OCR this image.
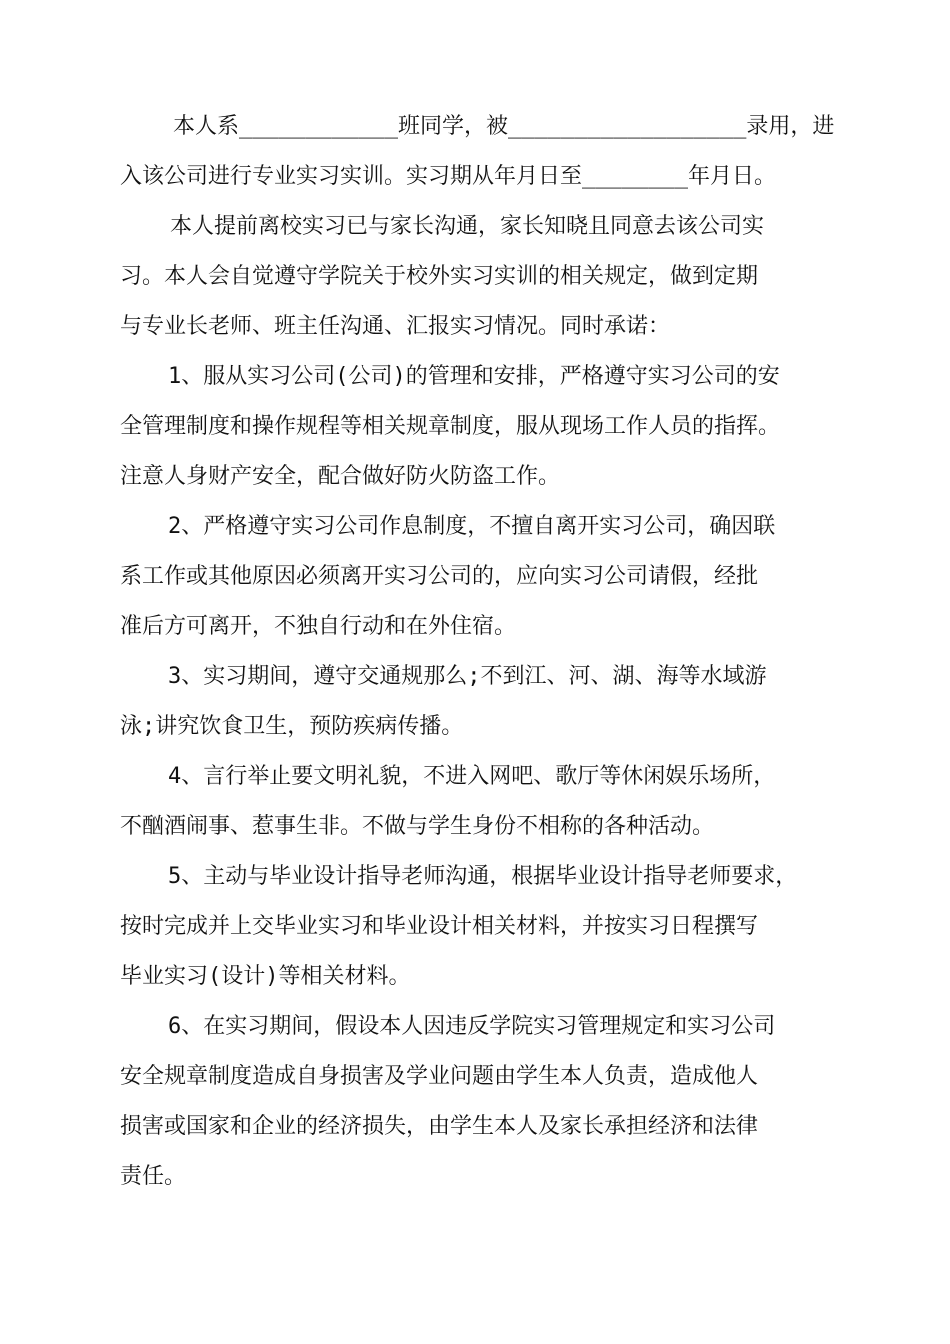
本人系____________班同学，被__________________录用，进
入该公司进行专业实习实训。实习期从年月日至________年月日。
本人提前离校实习已与家长沟通，家长知晓且同意去该公司实
习。本人会自觉遵守学院关于校外实习实训的相关规定，做到定期
与专业长老师、班主任沟通、汇报实习情况。同时承诺：
1、服从实习公司(公司)的管理和安排，严格遵守实习公司的安
全管理制度和操作规程等相关规章制度，服从现场工作人员的指挥。
注意人身财产安全，配合做好防火防盗工作。
2、严格遵守实习公司作息制度，不擅自离开实习公司，确因联
系工作或其他原因必须离开实习公司的，应向实习公司请假，经批
准后方可离开，不独自行动和在外住宿。
3、实习期间，遵守交通规那么;不到江、河、湖、海等水域游
泳;讲究饮食卫生，预防疾病传播。
4、言行举止要文明礼貌，不进入网吧、歌厅等休闲娱乐场所，
不酗酒闹事、惹事生非。不做与学生身份不相称的各种活动。
5、主动与毕业设计指导老师沟通，根据毕业设计指导老师要求，
按时完成并上交毕业实习和毕业设计相关材料，并按实习日程撰写
毕业实习(设计)等相关材料。
6、在实习期间，假设本人因违反学院实习管理规定和实习公司
安全规章制度造成自身损害及学业问题由学生本人负责，造成他人
损害或国家和企业的经济损失，由学生本人及家长承担经济和法律
责任。
